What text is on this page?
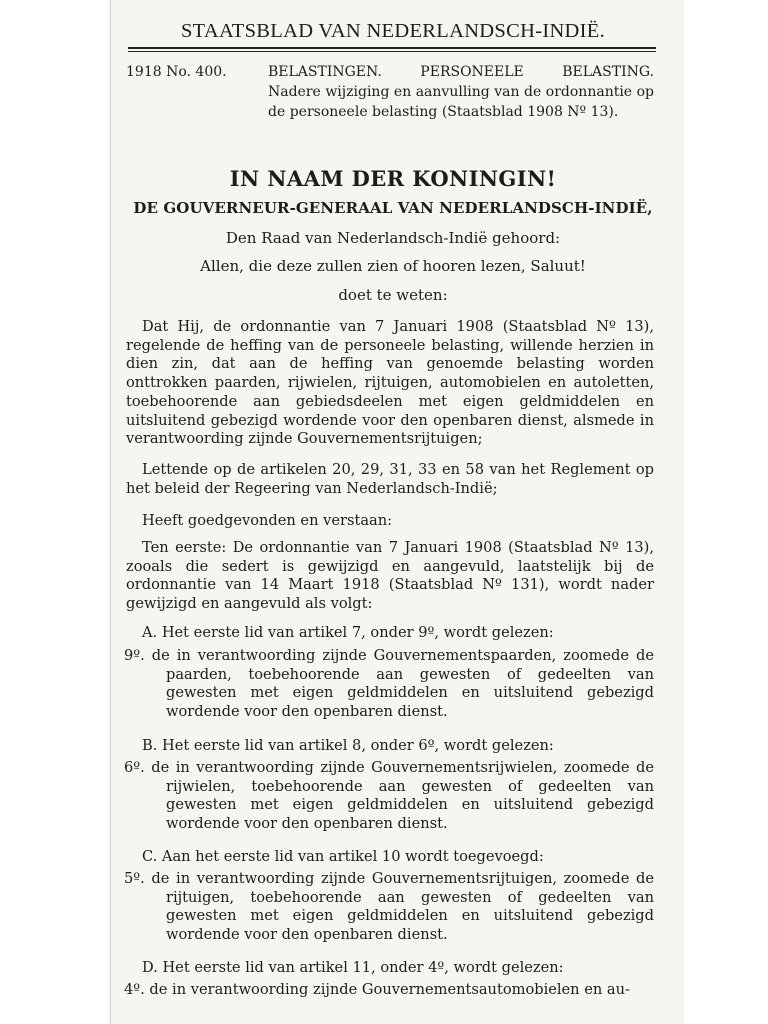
STAATSBLAD VAN NEDERLANDSCH-INDIË.
1918 No. 400.	BELASTINGEN. PERSONEELE BELASTING.
Nadere wijziging en aanvulling van de ordonnantie op de personeele belasting (Staatsblad 1908 Nº 13).
IN NAAM DER KONINGIN!
DE GOUVERNEUR-GENERAAL VAN NEDERLANDSCH-INDIË,
Den Raad van Nederlandsch-Indië gehoord:
Allen, die deze zullen zien of hooren lezen, Saluut!
doet te weten:

Dat Hij, de ordonnantie van 7 Januari 1908 (Staatsblad Nº 13), regelende de heffing van de personeele belasting, willende herzien in dien zin, dat aan de heffing van genoemde belasting worden onttrokken paarden, rijwielen, rijtuigen, automobielen en autoletten, toebehoorende aan gebiedsdeelen met eigen geldmiddelen en uitsluitend gebezigd wordende voor den openbaren dienst, alsmede in verantwoording zijnde Gouvernementsrijtuigen;

Lettende op de artikelen 20, 29, 31, 33 en 58 van het Reglement op het beleid der Regeering van Nederlandsch-Indië;

Heeft goedgevonden en verstaan:

Ten eerste: De ordonnantie van 7 Januari 1908 (Staatsblad Nº 13), zooals die sedert is gewijzigd en aangevuld, laatstelijk bij de ordonnantie van 14 Maart 1918 (Staatsblad Nº 131), wordt nader gewijzigd en aangevuld als volgt:

A. Het eerste lid van artikel 7, onder 9º, wordt gelezen:

9º. de in verantwoording zijnde Gouvernementspaarden, zoomede de paarden, toebehoorende aan gewesten of gedeelten van gewesten met eigen geldmiddelen en uitsluitend gebezigd wordende voor den openbaren dienst.

B. Het eerste lid van artikel 8, onder 6º, wordt gelezen:

6º. de in verantwoording zijnde Gouvernementsrijwielen, zoomede de rijwielen, toebehoorende aan gewesten of gedeelten van gewesten met eigen geldmiddelen en uitsluitend gebezigd wordende voor den openbaren dienst.

C. Aan het eerste lid van artikel 10 wordt toegevoegd:

5º. de in verantwoording zijnde Gouvernementsrijtuigen, zoomede de rijtuigen, toebehoorende aan gewesten of gedeelten van gewesten met eigen geldmiddelen en uitsluitend gebezigd wordende voor den openbaren dienst.

D. Het eerste lid van artikel 11, onder 4º, wordt gelezen:

4º. de in verantwoording zijnde Gouvernementsautomobielen en au-
